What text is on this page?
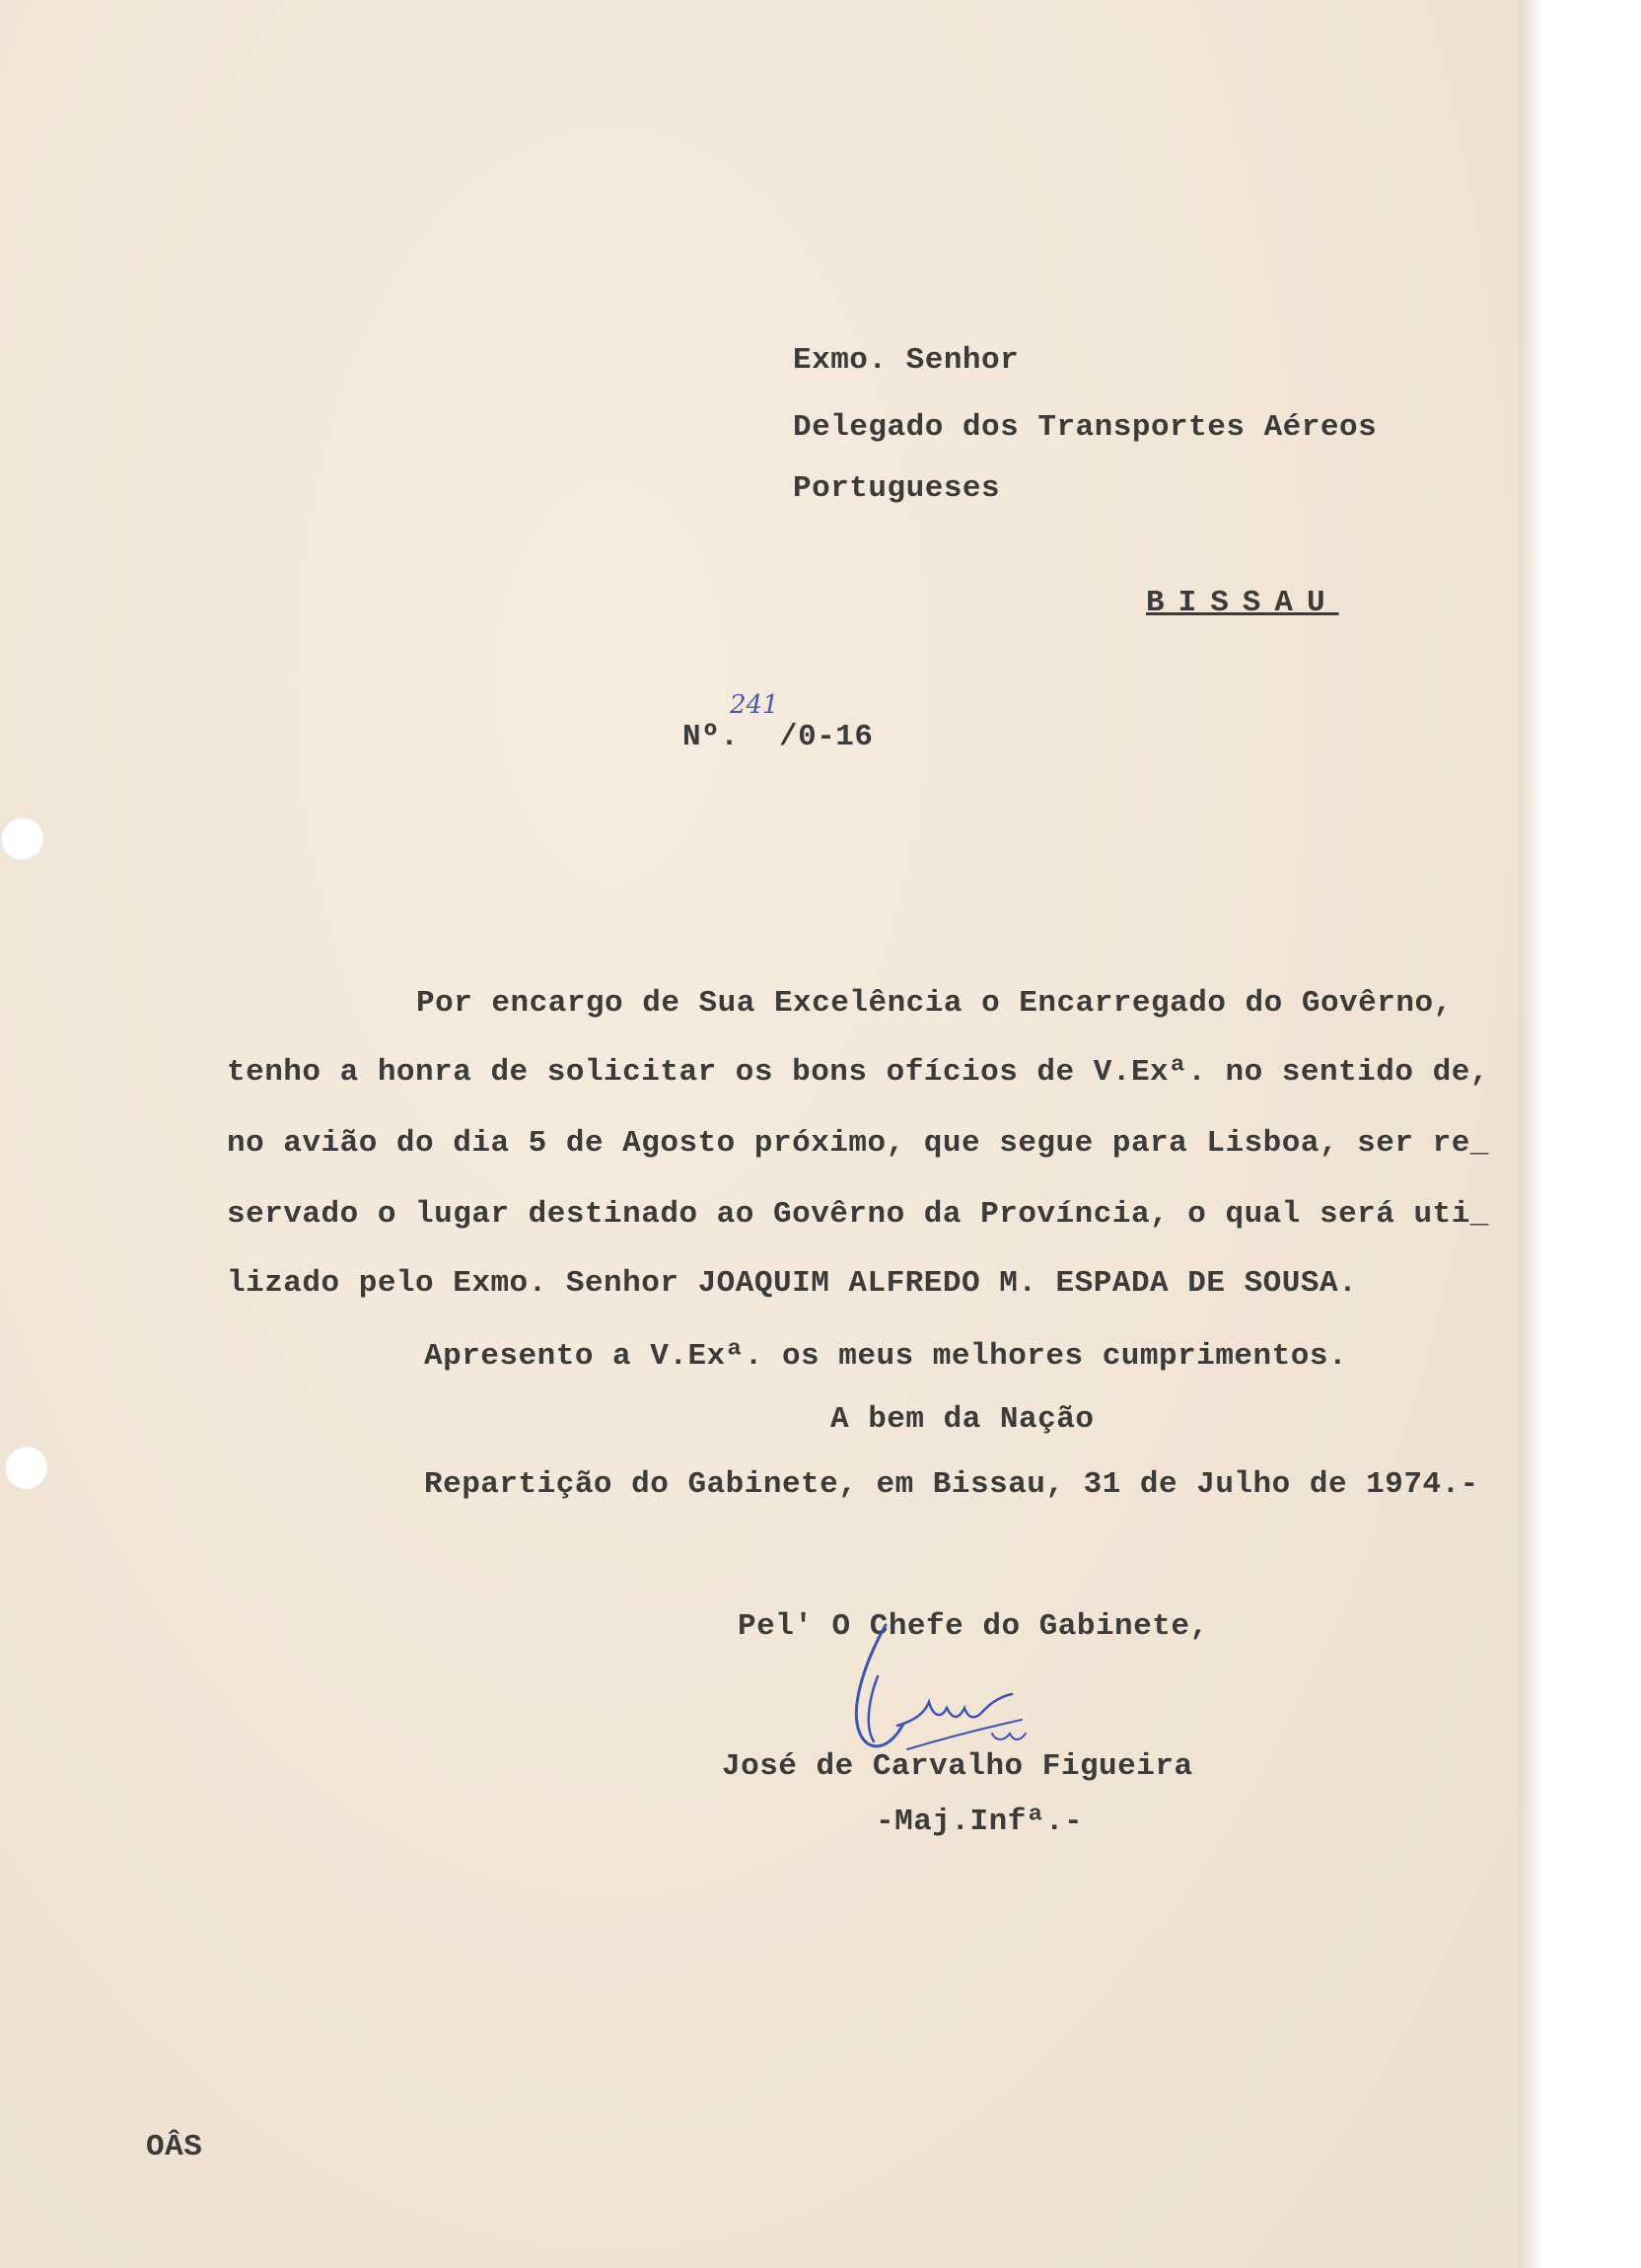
Exmo. Senhor
Delegado dos Transportes Aéreos
Portugueses
BISSAU
Nº.
241
/0-16
Por encargo de Sua Excelência o Encarregado do Govêrno,
tenho a honra de solicitar os bons ofícios de V.Exª. no sentido de,
no avião do dia 5 de Agosto próximo, que segue para Lisboa, ser re_
servado o lugar destinado ao Govêrno da Província, o qual será uti_
lizado pelo Exmo. Senhor JOAQUIM ALFREDO M. ESPADA DE SOUSA.
Apresento a V.Exª. os meus melhores cumprimentos.
A bem da Nação
Repartição do Gabinete, em Bissau, 31 de Julho de 1974.-
Pel' O Chefe do Gabinete,
José de Carvalho Figueira
-Maj.Infª.-
OÂS
